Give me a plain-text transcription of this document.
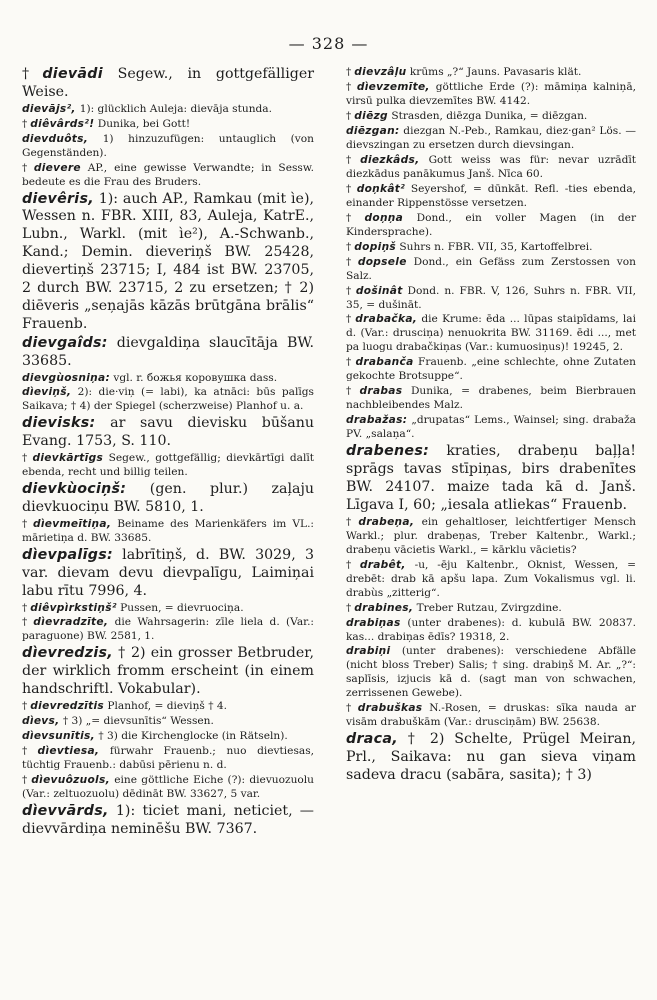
— 328 —

† dievādi Segew., in gottgefälliger Weise.

dievājs², 1): glücklich Auleja: dievāja stunda.

† diêvârds²! Dunika, bei Gott!

dievduôts, 1) hinzuzufügen: untauglich (von Gegenständen).

† dievere AP., eine gewisse Verwandte; in Sessw. bedeute es die Frau des Bruders.

dievêris, 1): auch AP., Ramkau (mit ìe), Wessen n. FBR. XIII, 83, Auleja, KatrE., Lubn., Warkl. (mit ìe²), A.-Schwanb., Kand.; Demin. dieveriņš BW. 25428, dievertiņš 23715; I, 484 ist BW. 23705, 2 durch BW. 23715, 2 zu ersetzen; † 2) diēveris „seņajās kāzās brūtgāna brālis“ Frauenb.

dievgaîds: dievgaldiņa slaucītāja BW. 33685.

dievgùosniņa: vgl. r. божья коровушка dass.

dìeviņš, 2): die·viņ (= labi), ka atnāci: būs palīgs Saikava; † 4) der Spiegel (scherzweise) Planhof u. a.

dievisks: ar savu dievisku būšanu Evang. 1753, S. 110.

† dievkārtīgs Segew., gottgefällig; dievkārtīgi dalīt ebenda, recht und billig teilen.

dievkùociņš: (gen. plur.) zaļaju dievkuociņu BW. 5810, 1.

† dìevmeītiņa, Beiname des Marienkäfers im VL.: mārietiņa d. BW. 33685.

dìevpalīgs: labrītiņš, d. BW. 3029, 3 var. dievam devu dievpalīgu, Laimiņai labu rītu 7996, 4.

† diêvpìrkstiņš² Pussen, = dievruociņa.

† dìevradzīte, die Wahrsagerin: zīle liela d. (Var.: paraguone) BW. 2581, 1.

dìevredzis, † 2) ein grosser Betbruder, der wirklich fromm erscheint (in einem handschriftl. Vokabular).

† dievredzītis Planhof, = dieviņš † 4.

dìevs, † 3) „= dievsunītis“ Wessen.

dìevsunītis, † 3) die Kirchenglocke (in Rätseln).

† dìevtiesa, fürwahr Frauenb.; nuo dievtiesas, tüchtig Frauenb.: dabūsi pērienu n. d.

† dìevuôzuols, eine göttliche Eiche (?): dievuozuolu (Var.: zeltuozuolu) dēdināt BW. 33627, 5 var.

dìevvārds, 1): ticiet mani, neticiet, — dievvārdiņa neminēšu BW. 7367.

† dievzâļu krūms „?“ Jauns. Pavasaris klät.

† dìevzemīte, göttliche Erde (?): māmiņa kalniņā, virsū pulka dievzemītes BW. 4142.

† diēzg Strasden, diēzga Dunika, = diēzgan.

diēzgan: diezgan N.-Peb., Ramkau, diez·gan² Lös. — dievszingan zu ersetzen durch dievsingan.

† diezkâds, Gott weiss was für: nevar uzrādīt diezkādus panākumus Janš. Nīca 60.

† doņkât² Seyershof, = dūnkāt. Refl. -ties ebenda, einander Rippenstösse versetzen.

† doņņa Dond., ein voller Magen (in der Kindersprache).

† dopiņš Suhrs n. FBR. VII, 35, Kartoffelbrei.

† dopsele Dond., ein Gefäss zum Zerstossen von Salz.

† došinât Dond. n. FBR. V, 126, Suhrs n. FBR. VII, 35, = dušināt.

† drabačka, die Krume: ēda ... lūpas staipīdams, lai d. (Var.: drusciņa) nenuokrita BW. 31169. ēdi ..., met pa luogu drabačkiņas (Var.: kumuosiņus)! 19245, 2.

† drabanča Frauenb. „eine schlechte, ohne Zutaten gekochte Brotsuppe“.

† drabas Dunika, = drabenes, beim Bierbrauen nachbleibendes Malz.

drabažas: „drupatas“ Lems., Wainsel; sing. drabaža PV. „salaņa“.

drabenes: kraties, drabeņu baļļa! sprāgs tavas stīpiņas, birs drabenītes BW. 24107. maize tada kā d. Janš. Līgava I, 60; „iesala atliekas“ Frauenb.

† drabeņa, ein gehaltloser, leichtfertiger Mensch Warkl.; plur. drabeņas, Treber Kaltenbr., Warkl.; drabeņu vācietis Warkl., = kārklu vācietis?

† drabêt, -u, -ēju Kaltenbr., Oknist, Wessen, = drebēt: drab kā apšu lapa. Zum Vokalismus vgl. li. drabùs „zitterig“.

† drabines, Treber Rutzau, Zvirgzdine.

drabiņas (unter drabenes): d. kubulā BW. 20837. kas... drabiņas ēdīs? 19318, 2.

drabiņi (unter drabenes): verschiedene Abfälle (nicht bloss Treber) Salis; † sing. drabiņš M. Ar. „?“: saplīsis, izjucis kā d. (sagt man von schwachen, zerrissenen Gewebe).

† drabuškas N.-Rosen, = druskas: sīka nauda ar visām drabuškām (Var.: drusciņām) BW. 25638.

draca, † 2) Schelte, Prügel Meiran, Prl., Saikava: nu gan sieva viņam sadeva dracu (sabāra, sasita); † 3)
